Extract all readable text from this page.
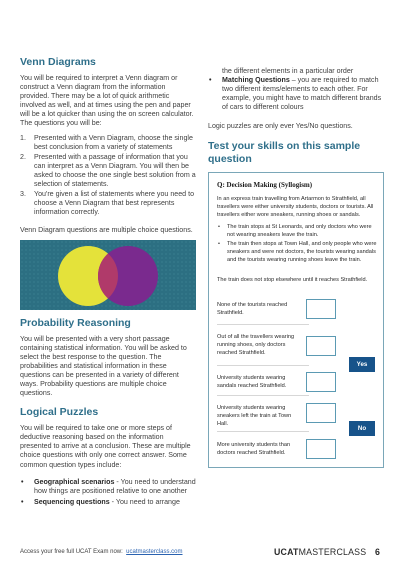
Venn Diagrams

You will be required to interpret a Venn diagram or construct a Venn diagram from the information provided. There may be a lot of quick arithmetic involved as well, and at times using the pen and paper will be a lot quicker than using the on screen calculator. The questions you will be:

1. Presented with a Venn Diagram, choose the single best conclusion from a variety of statements
2. Presented with a passage of information that you can interpret as a Venn Diagram. You will then be asked to choose the one single best solution from a selection of statements.
3. You're given a list of statements where you need to choose a Venn Diagram that best represents information correctly.

Venn Diagram questions are multiple choice questions.

Probability Reasoning

You will be presented with a very short passage containing statistical information. You will be asked to select the best response to the question. The probabilities and statistical information in these questions can be presented in a variety of different ways. Probability questions are multiple choice questions.

Logical Puzzles

You will be required to take one or more steps of deductive reasoning based on the information presented to arrive at a conclusion. These are multiple choice questions with only one correct answer. Some common question types include:

• Geographical scenarios - You need to understand how things are positioned relative to one another
• Sequencing questions - You need to arrange

the different elements in a particular order

• Matching Questions – you are required to match two different items/elements to each other. For example, you might have to match different brands of cars to different colours

Logic puzzles are only ever Yes/No questions.

Test your skills on this sample question
Q: Decision Making (Syllogism)
In an express train travelling from Artarmon to Strathfield, all travellers were either university students, doctors or tourists. All travellers either wore sneakers, running shoes or sandals.
• The train stops at St Leonards, and only doctors who were not wearing sneakers leave the train.
• The train then stops at Town Hall, and only people who were sneakers and were not doctors, the tourists wearing sandals and the tourists wearing running shoes leave the train.
The train does not stop elsewhere until it reaches Strathfield.
None of the tourists reached Strathfield.
Out of all the travellers wearing running shoes, only doctors reached Strathfield.
Yes
University students wearing sandals reached Strathfield.
University students wearing sneakers left the train at Town Hall.
No
More university students than doctors reached Strathfield.
Access your free full UCAT Exam now: ucatmasterclass.com	UCATMASTERCLASS 6
